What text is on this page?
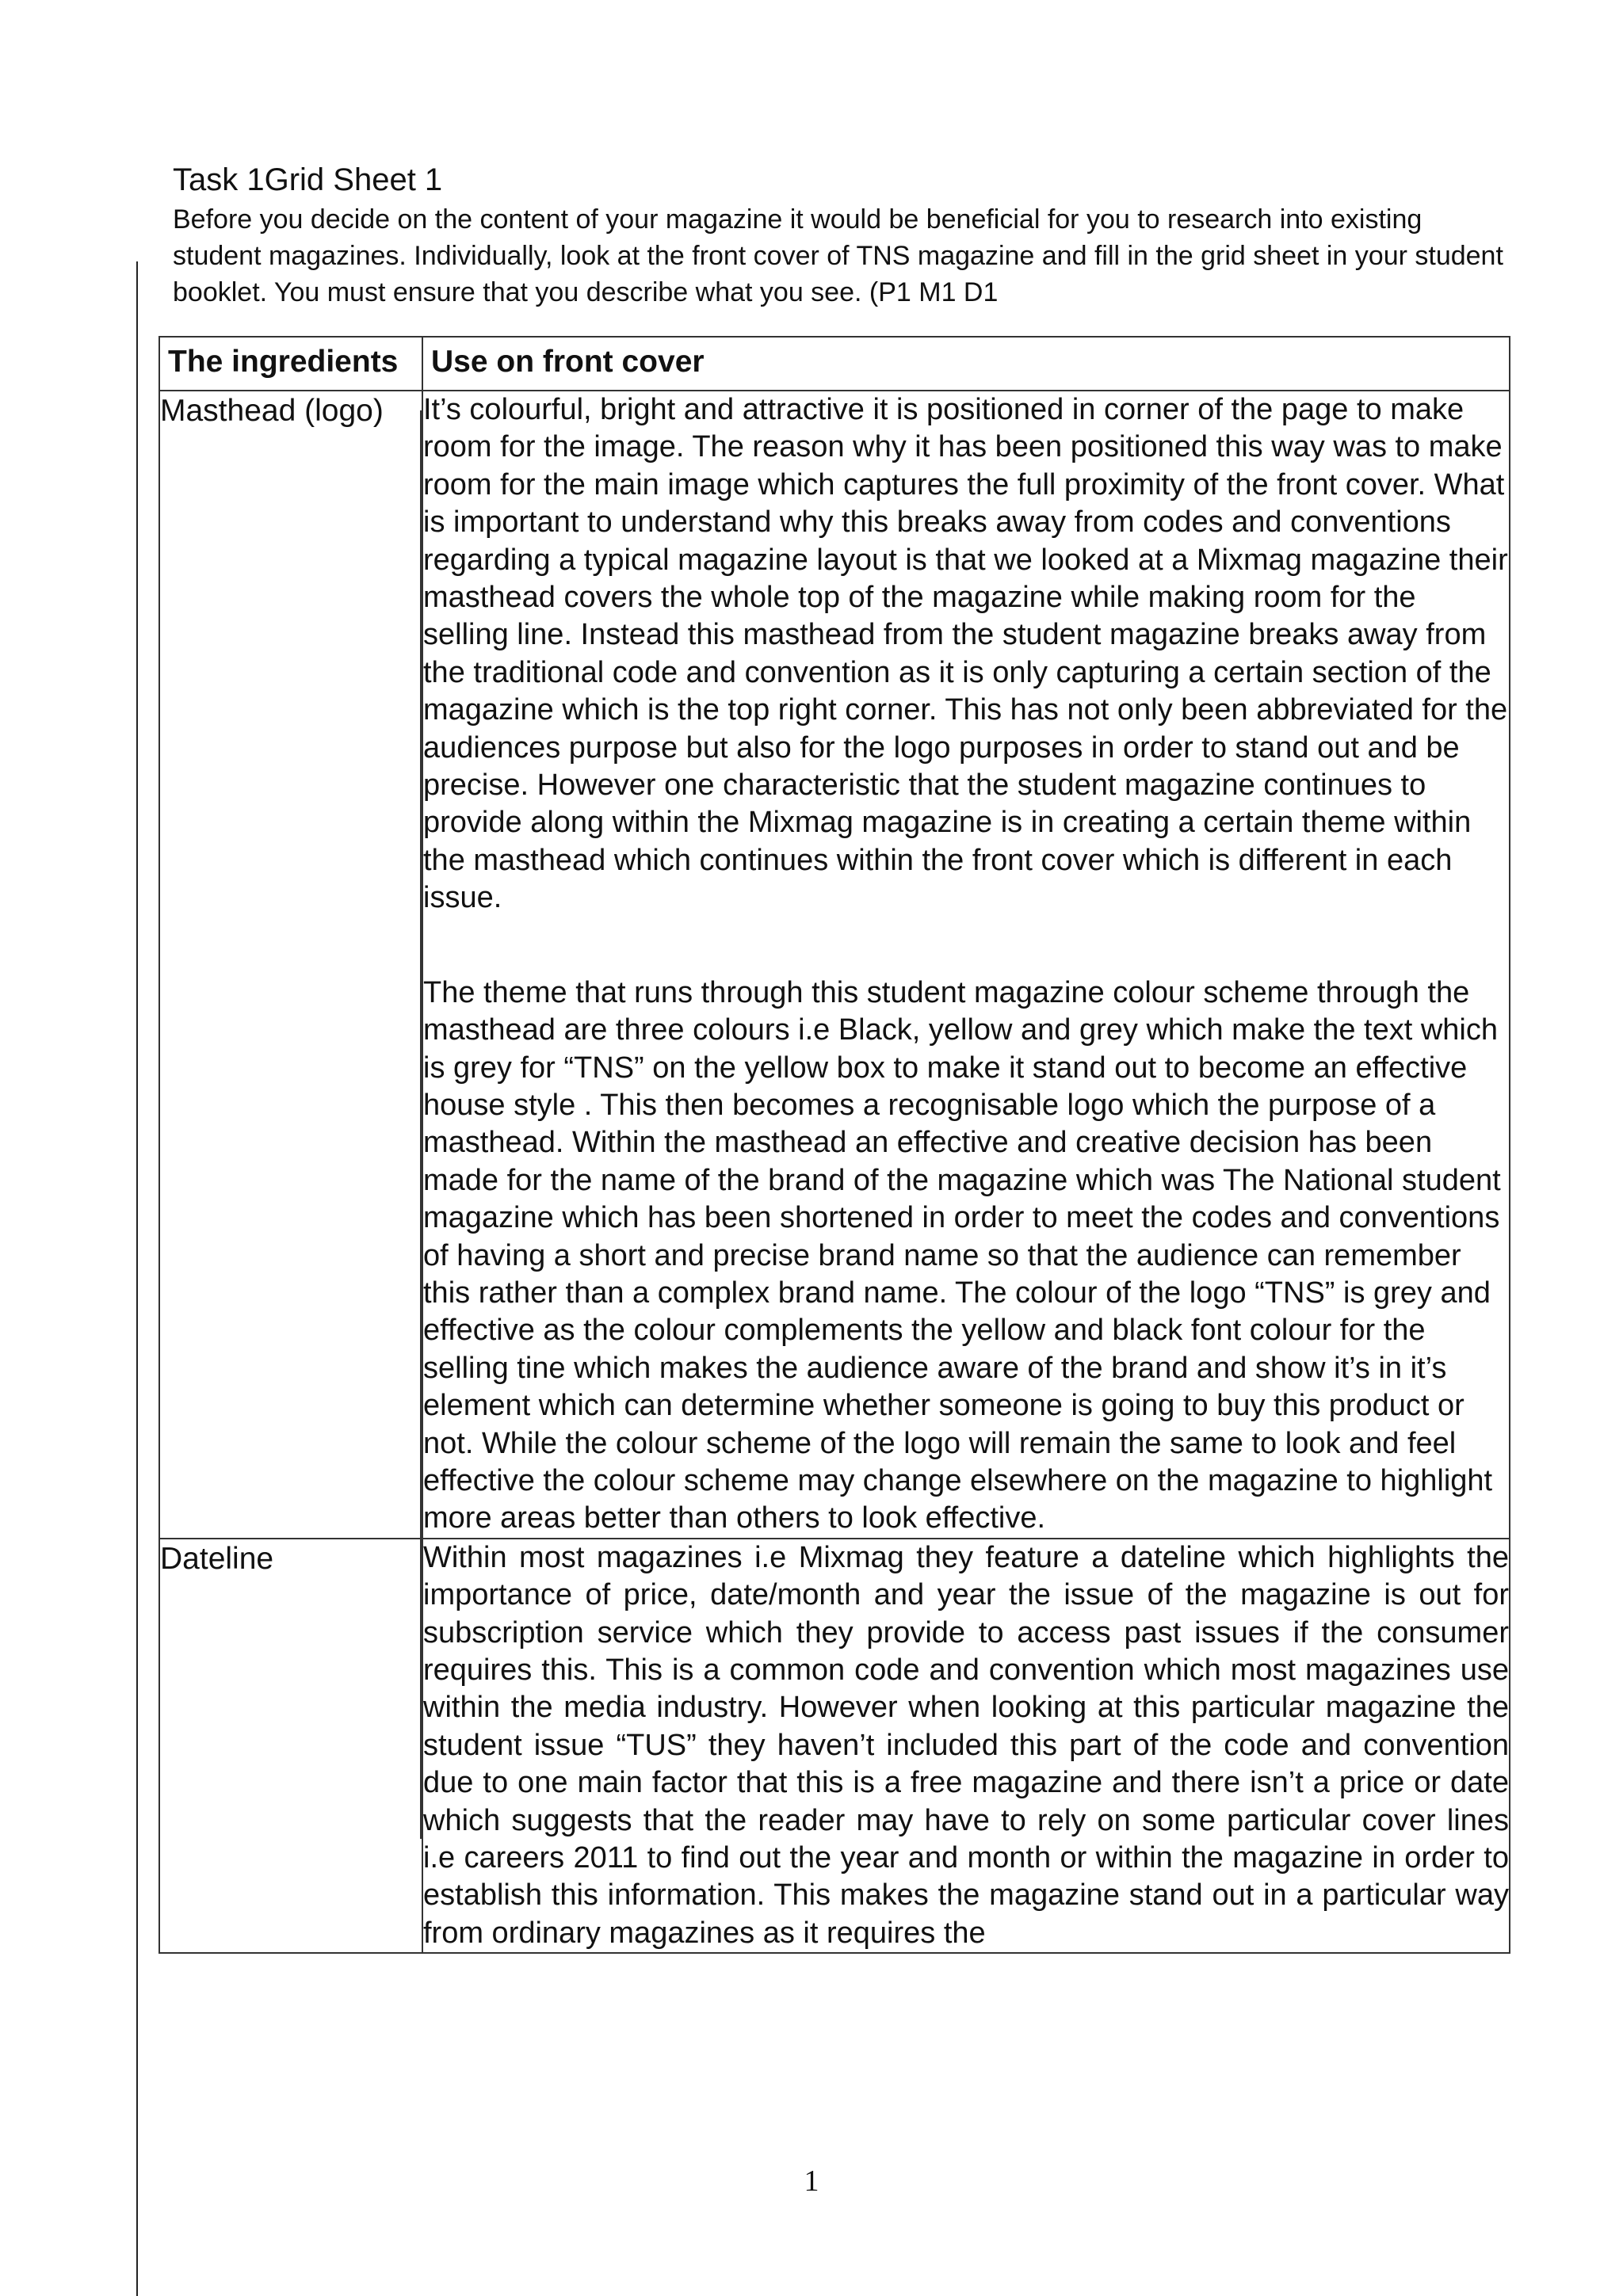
Task 1Grid Sheet 1

Before you decide on the content of your magazine it would be beneficial for you to research into existing student magazines. Individually, look at the front cover of TNS magazine and fill in the grid sheet in your student booklet. You must ensure that you describe what you see. (P1 M1 D1

The ingredients	Use on front cover
Masthead (logo)	It’s colourful, bright and attractive it is positioned in corner of the page to make room for the image. The reason why it has been positioned this way was to make room for the main image which captures the full proximity of the front cover. What is important to understand why this breaks away from codes and conventions regarding a typical magazine layout is that we looked at a Mixmag magazine their masthead covers the whole top of the magazine while making room for the selling line. Instead this masthead from the student magazine breaks away from the traditional code and convention as it is only capturing a certain section of the magazine which is the top right corner. This has not only been abbreviated for the audiences purpose but also for the logo purposes in order to stand out and be precise. However one characteristic that the student magazine continues to provide along within the Mixmag magazine is in creating a certain theme within the masthead which continues within the front cover which is different in each issue.

The theme that runs through this student magazine colour scheme through the masthead are three colours i.e Black, yellow and grey which make the text which is grey for “TNS” on the yellow box to make it stand out to become an effective house style . This then becomes a recognisable logo which the purpose of a masthead. Within the masthead an effective and creative decision has been made for the name of the brand of the magazine which was The National student magazine which has been shortened in order to meet the codes and conventions of having a short and precise brand name so that the audience can remember this rather than a complex brand name. The colour of the logo “TNS” is grey and effective as the colour complements the yellow and black font colour for the selling tine which makes the audience aware of the brand and show it’s in it’s element which can determine whether someone is going to buy this product or not. While the colour scheme of the logo will remain the same to look and feel effective the colour scheme may change elsewhere on the magazine to highlight more areas better than others to look effective.

Dateline	Within most magazines i.e Mixmag they feature a dateline which highlights the importance of price, date/month and year the issue of the magazine is out for subscription service which they provide to access past issues if the consumer requires this. This is a common code and convention which most magazines use within the media industry. However when looking at this particular magazine the student issue “TUS” they haven’t included this part of the code and convention due to one main factor that this is a free magazine and there isn’t a price or date which suggests that the reader may have to rely on some particular cover lines i.e careers 2011 to find out the year and month or within the magazine in order to establish this information. This makes the magazine stand out in a particular way from ordinary magazines as it requires the

1
